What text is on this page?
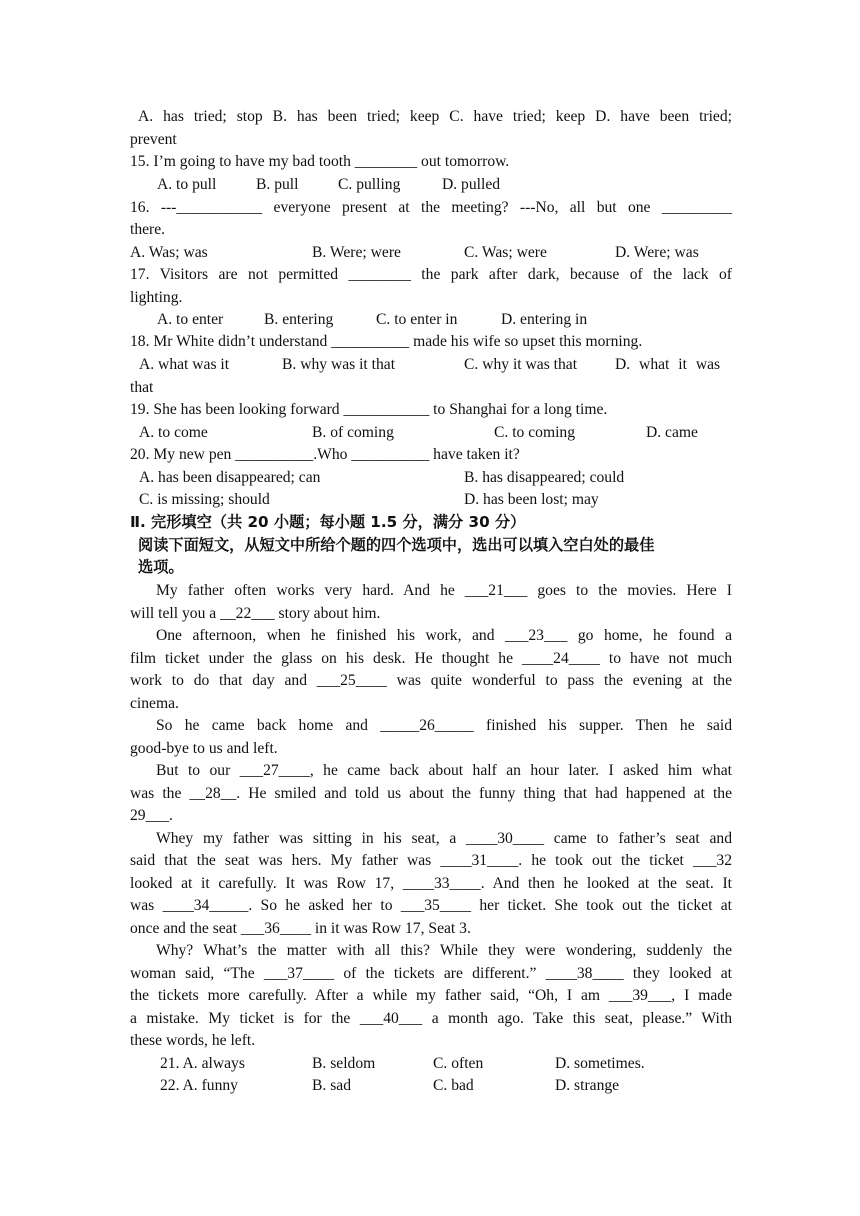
A. has tried; stop B. has been tried; keep C. have tried; keep D. have been tried;
prevent
15. I’m going to have my bad tooth ________ out tomorrow.
A. to pull	B. pull	C. pulling	D. pulled
16. ---___________ everyone present at the meeting? ---No, all but one _________
there.
A. Was; was	B. Were; were	C. Was; were	D. Were; was
17. Visitors are not permitted ________ the park after dark, because of the lack of
lighting.
A. to enter	B. entering	C. to enter in	D. entering in
18. Mr White didn’t understand __________ made his wife so upset this morning.
A. what was it	B. why was it that	C. why it was that D. what it was
that
19. She has been looking forward ___________ to Shanghai for a long time.
A. to come	B. of coming	C. to coming	D. came
20. My new pen __________.Who __________ have taken it?
A. has been disappeared; can	B. has disappeared; could
C. is missing; should	D. has been lost; may
Ⅱ. 完形填空（共 20 小题；每小题 1.5 分，满分 30 分）
阅读下面短文，从短文中所给个题的四个选项中，选出可以填入空白处的最佳
选项。
My father often works very hard. And he ___21___ goes to the movies. Here I
will tell you a __22___ story about him.
One afternoon, when he finished his work, and ___23___ go home, he found a
film ticket under the glass on his desk. He thought he ____24____ to have not much
work to do that day and ___25____ was quite wonderful to pass the evening at the
cinema.
So he came back home and _____26_____ finished his supper. Then he said
good-bye to us and left.
But to our ___27____, he came back about half an hour later. I asked him what
was the __28__. He smiled and told us about the funny thing that had happened at the
29___.
Whey my father was sitting in his seat, a ____30____ came to father’s seat and
said that the seat was hers. My father was ____31____. he took out the ticket ___32
looked at it carefully. It was Row 17, ____33____. And then he looked at the seat. It
was ____34_____. So he asked her to ___35____ her ticket. She took out the ticket at
once and the seat ___36____ in it was Row 17, Seat 3.
Why? What’s the matter with all this? While they were wondering, suddenly the
woman said, “The ___37____ of the tickets are different.” ____38____ they looked at
the tickets more carefully. After a while my father said, “Oh, I am ___39___, I made
a mistake. My ticket is for the ___40___ a month ago. Take this seat, please.” With
these words, he left.
21. A. always	B. seldom	C. often	D. sometimes.
22. A. funny	B. sad	C. bad	D. strange
